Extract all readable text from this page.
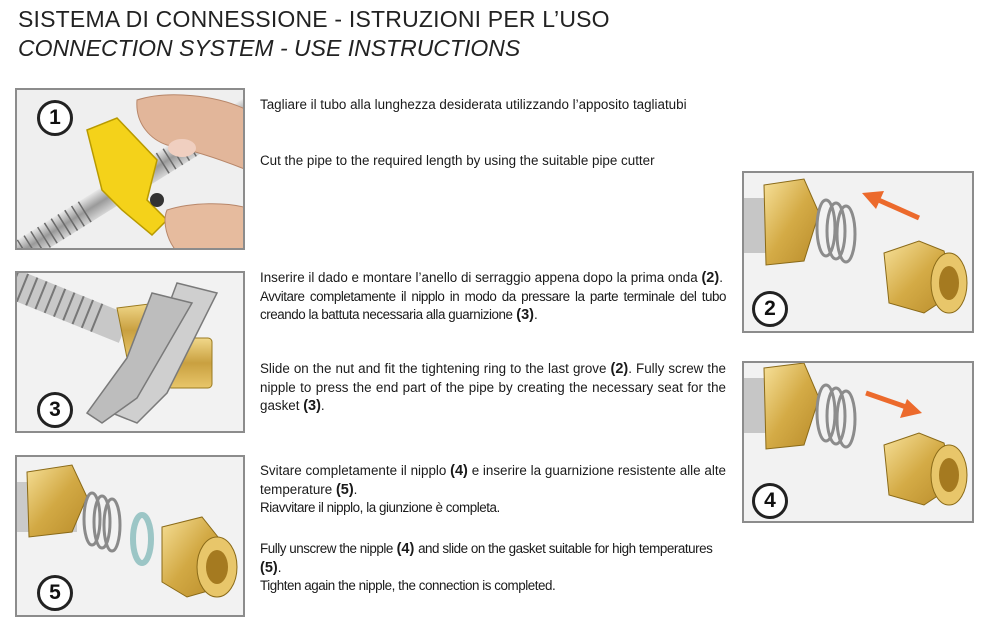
SISTEMA DI CONNESSIONE - ISTRUZIONI PER L’USO
CONNECTION SYSTEM - USE INSTRUCTIONS
1
3
5
2
4
Tagliare il tubo alla lunghezza desiderata utilizzando l’apposito tagliatubi
Cut the pipe to the required length by using the suitable pipe cutter
Inserire il dado e montare l’anello di serraggio appena dopo la prima onda (2).
Avvitare completamente il nipplo in modo da pressare la parte terminale del tubo creando la battuta necessaria alla guarnizione (3).
Slide on the nut and fit the tightening ring to the last grove (2). Fully screw the nipple to press the end part of the pipe by creating the necessary seat for the gasket (3).
Svitare completamente il nipplo (4) e inserire la guarnizione resistente alle alte temperature (5).
Riavvitare il nipplo, la giunzione è completa.
Fully unscrew the nipple (4) and slide on the gasket suitable for high temperatures (5).
Tighten again the nipple, the connection is completed.
